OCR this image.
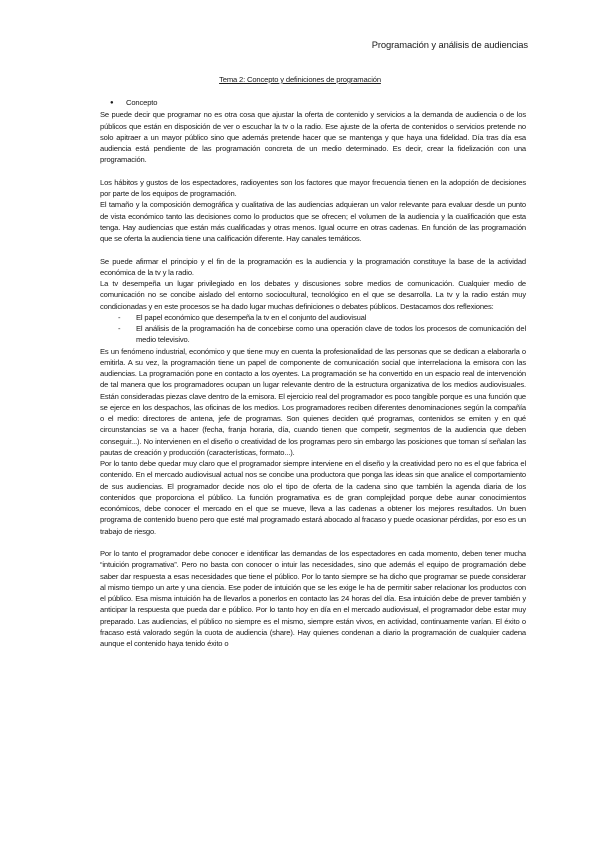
Programación y análisis de audiencias
Tema 2: Concepto y definiciones de programación

● Concepto

Se puede decir que programar no es otra cosa que ajustar la oferta de contenido y servicios a la demanda de audiencia o de los públicos que están en disposición de ver o escuchar la tv o la radio. Ese ajuste de la oferta de contenidos o servicios pretende no solo apitraer a un mayor público sino que además pretende hacer que se mantenga y que haya una fidelidad. Día tras día esa audiencia está pendiente de las programación concreta de un medio determinado. Es decir, crear la fidelización con una programación.

Los hábitos y gustos de los espectadores, radioyentes son los factores que mayor frecuencia tienen en la adopción de decisiones por parte de los equipos de programación.

El tamaño y la composición demográfica y cualitativa de las audiencias adquieran un valor relevante para evaluar desde un punto de vista económico tanto las decisiones como lo productos que se ofrecen; el volumen de la audiencia y la cualificación que esta tenga. Hay audiencias que están más cualificadas y otras menos. Igual ocurre en otras cadenas. En función de las programación que se oferta la audiencia tiene una calificación diferente. Hay canales temáticos.

Se puede afirmar el principio y el fin de la programación es la audiencia y la programación constituye la base de la actividad económica de la tv y la radio.

La tv desempeña un lugar privilegiado en los debates y discusiones sobre medios de comunicación. Cualquier medio de comunicación no se concibe aislado del entorno sociocultural, tecnológico en el que se desarrolla. La tv y la radio están muy condicionadas y en este procesos se ha dado lugar muchas definiciones o debates públicos. Destacamos dos reflexiones:

- El papel económico que desempeña la tv en el conjunto del audiovisual
- El análisis de la programación ha de concebirse como una operación clave de todos los procesos de comunicación del medio televisivo.

Es un fenómeno industrial, económico y que tiene muy en cuenta la profesionalidad de las personas que se dedican a elaborarla o emitirla. A su vez, la programación tiene un papel de componente de comunicación social que interrelaciona la emisora con las audiencias. La programación pone en contacto a los oyentes. La programación se ha convertido en un espacio real de intervención de tal manera que los programadores ocupan un lugar relevante dentro de la estructura organizativa de los medios audiovisuales. Están consideradas piezas clave dentro de la emisora. El ejercicio real del programador es poco tangible porque es una función que se ejerce en los despachos, las oficinas de los medios. Los programadores reciben diferentes denominaciones según la compañía o el medio: directores de antena, jefe de programas. Son quienes deciden qué programas, contenidos se emiten y en qué circunstancias se va a hacer (fecha, franja horaria, día, cuando tienen que competir, segmentos de la audiencia que deben conseguir...). No intervienen en el diseño o creatividad de los programas pero sin embargo las posiciones que toman sí señalan las pautas de creación y producción (características, formato...).

Por lo tanto debe quedar muy claro que el programador siempre interviene en el diseño y la creatividad pero no es el que fabrica el contenido. En el mercado audiovisual actual nos se concibe una productora que ponga las ideas sin que analice el comportamiento de sus audiencias. El programador decide nos olo el tipo de oferta de la cadena sino que también la agenda diaria de los contenidos que proporciona el público. La función programativa es de gran complejidad porque debe aunar conocimientos económicos, debe conocer el mercado en el que se mueve, lleva a las cadenas a obtener los mejores resultados. Un buen programa de contenido bueno pero que esté mal programado estará abocado al fracaso y puede ocasionar pérdidas, por eso es un trabajo de riesgo.

Por lo tanto el programador debe conocer e identificar las demandas de los espectadores en cada momento, deben tener mucha “intuición programativa”. Pero no basta con conocer o intuir las necesidades, sino que además el equipo de programación debe saber dar respuesta a esas necesidades que tiene el público. Por lo tanto siempre se ha dicho que programar se puede considerar al mismo tiempo un arte y una ciencia. Ese poder de intuición que se les exige le ha de permitir saber relacionar los productos con el público. Esa misma intuición ha de llevarlos a ponerlos en contacto las 24 horas del día. Esa intuición debe de prever también y anticipar la respuesta que pueda dar e público. Por lo tanto hoy en día en el mercado audiovisual, el programador debe estar muy preparado. Las audiencias, el público no siempre es el mismo, siempre están vivos, en actividad, continuamente varían. El éxito o fracaso está valorado según la cuota de audiencia (share). Hay quienes condenan a diario la programación de cualquier cadena aunque el contenido haya tenido éxito o
